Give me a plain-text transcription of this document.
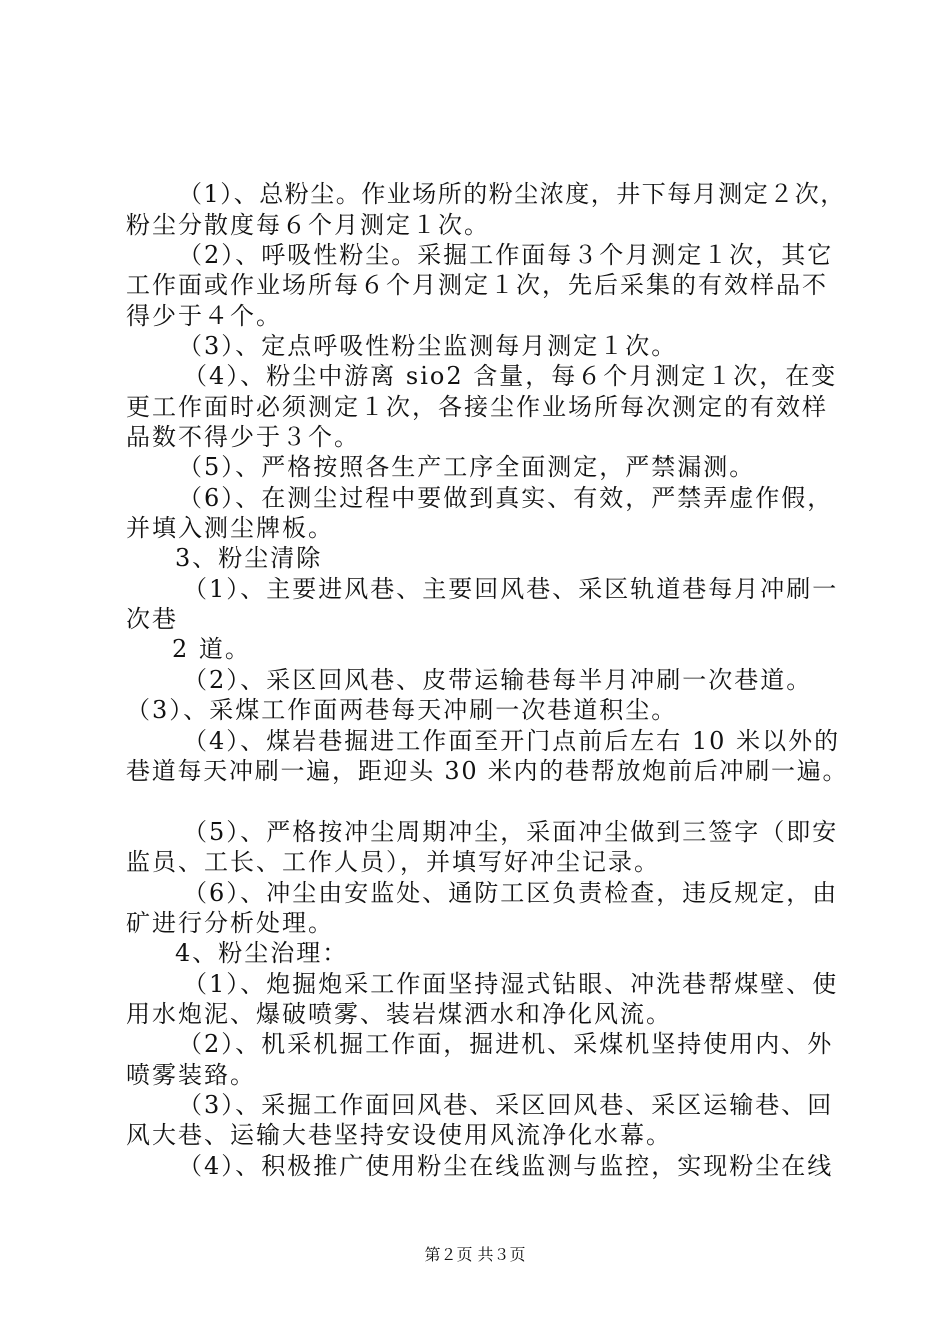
（1）、总粉尘。作业场所的粉尘浓度，井下每月测定２次，
粉尘分散度每６个月测定１次。
（2）、呼吸性粉尘。采掘工作面每３个月测定１次，其它
工作面或作业场所每６个月测定１次，先后采集的有效样品不
得少于４个。
（3）、定点呼吸性粉尘监测每月测定１次。
（4）、粉尘中游离 sio2 含量，每６个月测定１次，在变
更工作面时必须测定１次，各接尘作业场所每次测定的有效样
品数不得少于３个。
（5）、严格按照各生产工序全面测定，严禁漏测。
（6）、在测尘过程中要做到真实、有效，严禁弄虚作假，
并填入测尘牌板。
3、粉尘清除
（1）、主要进风巷、主要回风巷、采区轨道巷每月冲刷一
次巷
2 道。
（2）、采区回风巷、皮带运输巷每半月冲刷一次巷道。
（3）、采煤工作面两巷每天冲刷一次巷道积尘。
（4）、煤岩巷掘进工作面至开门点前后左右 10 米以外的
巷道每天冲刷一遍，距迎头 30 米内的巷帮放炮前后冲刷一遍。
（5）、严格按冲尘周期冲尘，采面冲尘做到三签字（即安
监员、工长、工作人员），并填写好冲尘记录。
（6）、冲尘由安监处、通防工区负责检查，违反规定，由
矿进行分析处理。
4、粉尘治理：
（1）、炮掘炮采工作面坚持湿式钻眼、冲洗巷帮煤壁、使
用水炮泥、爆破喷雾、装岩煤洒水和净化风流。
（2）、机采机掘工作面，掘进机、采煤机坚持使用内、外
喷雾装臵。
（3）、采掘工作面回风巷、采区回风巷、采区运输巷、回
风大巷、运输大巷坚持安设使用风流净化水幕。
（4）、积极推广使用粉尘在线监测与监控，实现粉尘在线
第２页 共３页
